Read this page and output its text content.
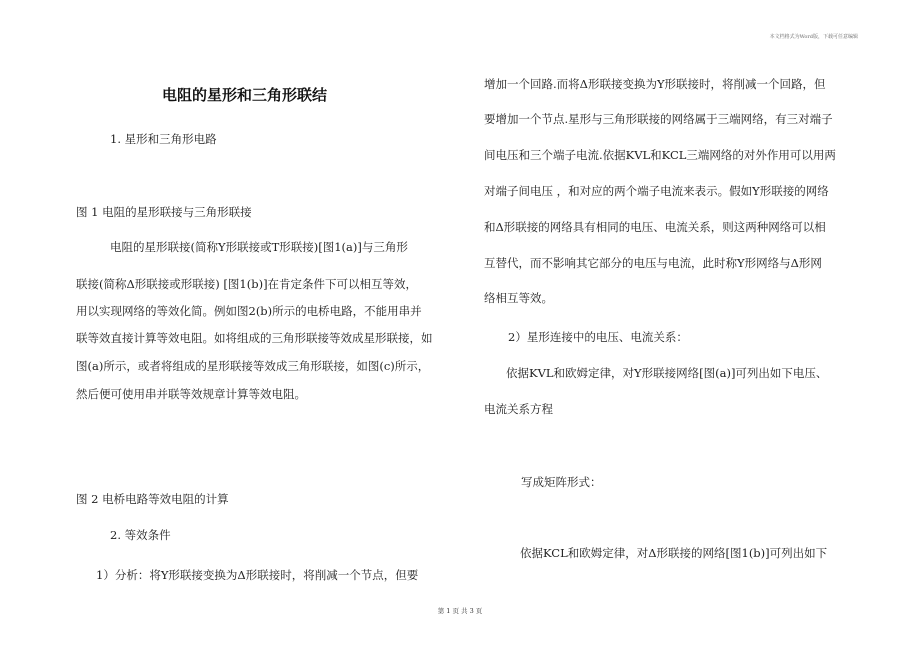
本文档格式为Word版，下载可任意编辑
电阻的星形和三角形联结
1. 星形和三角形电路
图 1 电阻的星形联接与三角形联接
电阻的星形联接(简称Y形联接或T形联接)[图1(a)]与三角形
联接(简称Δ形联接或形联接) [图1(b)]在肯定条件下可以相互等效，
用以实现网络的等效化简。例如图2(b)所示的电桥电路，不能用串并
联等效直接计算等效电阻。如将组成的三角形联接等效成星形联接，如
图(a)所示，或者将组成的星形联接等效成三角形联接，如图(c)所示，
然后便可使用串并联等效规章计算等效电阻。
图 2 电桥电路等效电阻的计算
2. 等效条件
1）分析：将Y形联接变换为Δ形联接时，将削减一个节点，但要
增加一个回路.而将Δ形联接变换为Y形联接时，将削减一个回路，但
要增加一个节点.星形与三角形联接的网络属于三端网络，有三对端子
间电压和三个端子电流.依据KVL和KCL三端网络的对外作用可以用两
对端子间电压 ，和对应的两个端子电流来表示。假如Y形联接的网络
和Δ形联接的网络具有相同的电压、电流关系，则这两种网络可以相
互替代，而不影响其它部分的电压与电流，此时称Y形网络与Δ形网
络相互等效。
2）星形连接中的电压、电流关系：
依据KVL和欧姆定律，对Y形联接网络[图(a)]可列出如下电压、
电流关系方程
写成矩阵形式：
依据KCL和欧姆定律，对Δ形联接的网络[图1(b)]可列出如下
第 1 页 共 3 页
